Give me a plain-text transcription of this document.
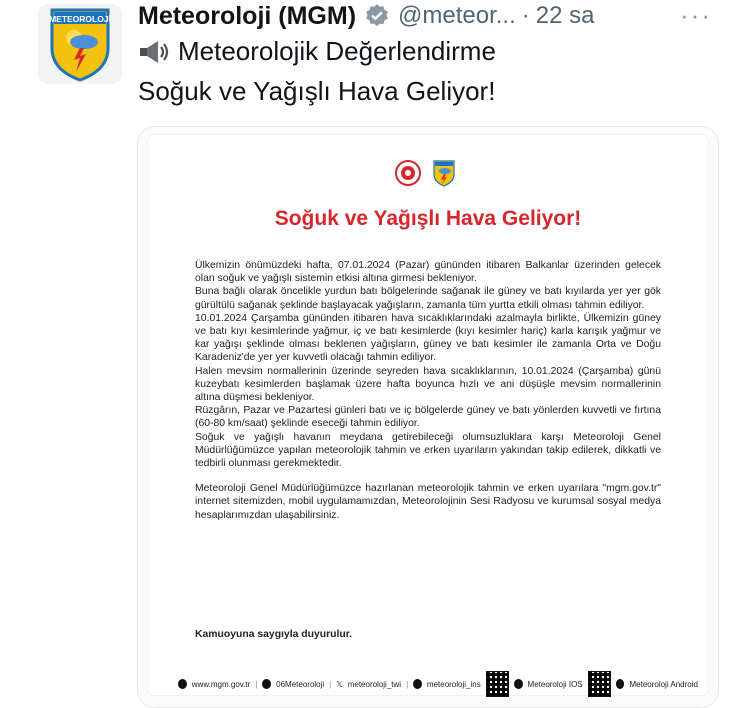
METEOROLOJİ Meteoroloji (MGM) @meteor... · 22 sa	···
Meteorolojik Değerlendirme
Soğuk ve Yağışlı Hava Geliyor!
Soğuk ve Yağışlı Hava Geliyor!

Ülkemizin önümüzdeki hafta, 07.01.2024 (Pazar) gününden itibaren Balkanlar üzerinden gelecek olan soğuk ve yağışlı sistemin etkisi altına girmesi bekleniyor.

Buna bağlı olarak öncelikle yurdun batı bölgelerinde sağanak ile güney ve batı kıyılarda yer yer gök gürültülü sağanak şeklinde başlayacak yağışların, zamanla tüm yurtta etkili olması tahmin ediliyor.

10.01.2024 Çarşamba gününden itibaren hava sıcaklıklarındaki azalmayla birlikte, Ülkemizin güney ve batı kıyı kesimlerinde yağmur, iç ve batı kesimlerde (kıyı kesimler hariç) karla karışık yağmur ve kar yağışı şeklinde olması beklenen yağışların, güney ve batı kesimler ile zamanla Orta ve Doğu Karadeniz'de yer yer kuvvetli olacağı tahmin ediliyor.

Halen mevsim normallerinin üzerinde seyreden hava sıcaklıklarının, 10.01.2024 (Çarşamba) günü kuzeybatı kesimlerden başlamak üzere hafta boyunca hızlı ve ani düşüşle mevsim normallerinin altına düşmesi bekleniyor.

Rüzgârın, Pazar ve Pazartesi günleri batı ve iç bölgelerde güney ve batı yönlerden kuvvetli ve fırtına (60-80 km/saat) şeklinde eseceği tahmin ediliyor.

Soğuk ve yağışlı havanın meydana getirebileceği olumsuzluklara karşı Meteoroloji Genel Müdürlüğümüzce yapılan meteorolojik tahmin ve erken uyarıların yakından takip edilerek, dikkatli ve tedbirli olunması gerekmektedir.

Meteoroloji Genel Müdürlüğümüzce hazırlanan meteorolojik tahmin ve erken uyarılara "mgm.gov.tr" internet sitemizden, mobil uygulamamızdan, Meteorolojinin Sesi Radyosu ve kurumsal sosyal medya hesaplarımızdan ulaşabilirsiniz.

Kamuoyuna saygıyla duyurulur.
www.mgm.gov.tr | 06Meteoroloji | 𝕏 meteoroloji_twi | meteoroloji_ins	Meteoroloji IOS	Meteoroloji Android
